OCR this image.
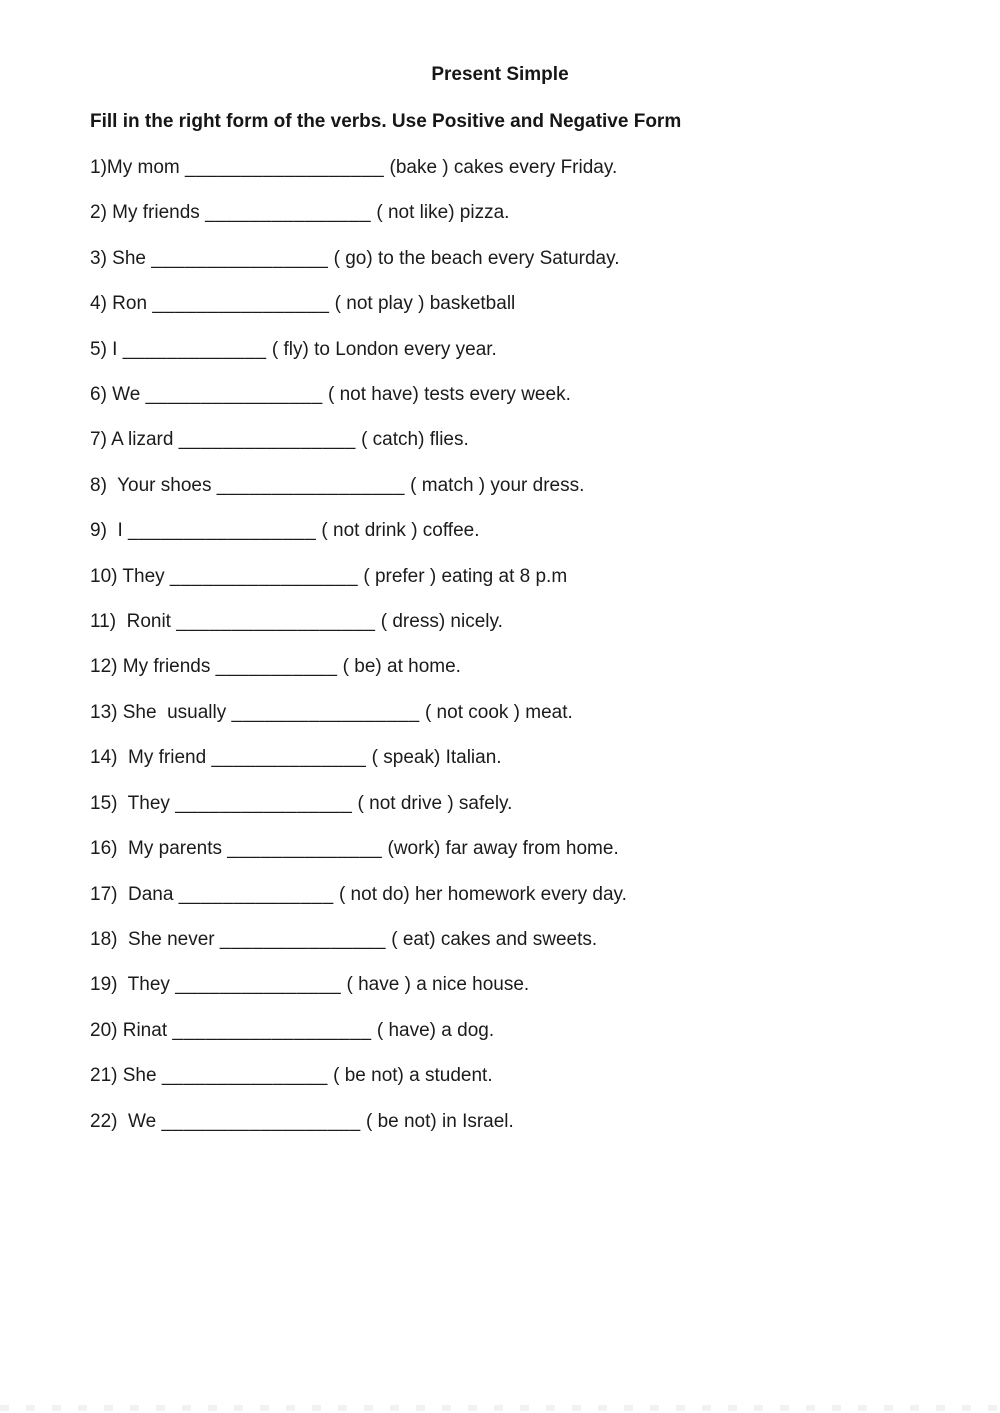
Present Simple
Fill in the right form of the verbs. Use Positive and Negative Form
1)My mom __________________ (bake ) cakes every Friday.
2) My friends _______________ ( not like) pizza.
3) She ________________ ( go) to the beach every Saturday.
4) Ron ________________ ( not play ) basketball
5) I _____________ ( fly) to London every year.
6) We ________________ ( not have) tests every week.
7) A lizard ________________ ( catch) flies.
8)  Your shoes _________________ ( match ) your dress.
9)  I _________________ ( not drink ) coffee.
10) They _________________ ( prefer ) eating at 8 p.m
11)  Ronit __________________ ( dress) nicely.
12) My friends ___________ ( be) at home.
13) She  usually _________________ ( not cook ) meat.
14)  My friend ______________ ( speak) Italian.
15)  They ________________ ( not drive ) safely.
16)  My parents ______________ (work) far away from home.
17)  Dana ______________ ( not do) her homework every day.
18)  She never _______________ ( eat) cakes and sweets.
19)  They _______________ ( have ) a nice house.
20) Rinat __________________ ( have) a dog.
21) She _______________ ( be not) a student.
22)  We __________________ ( be not) in Israel.
